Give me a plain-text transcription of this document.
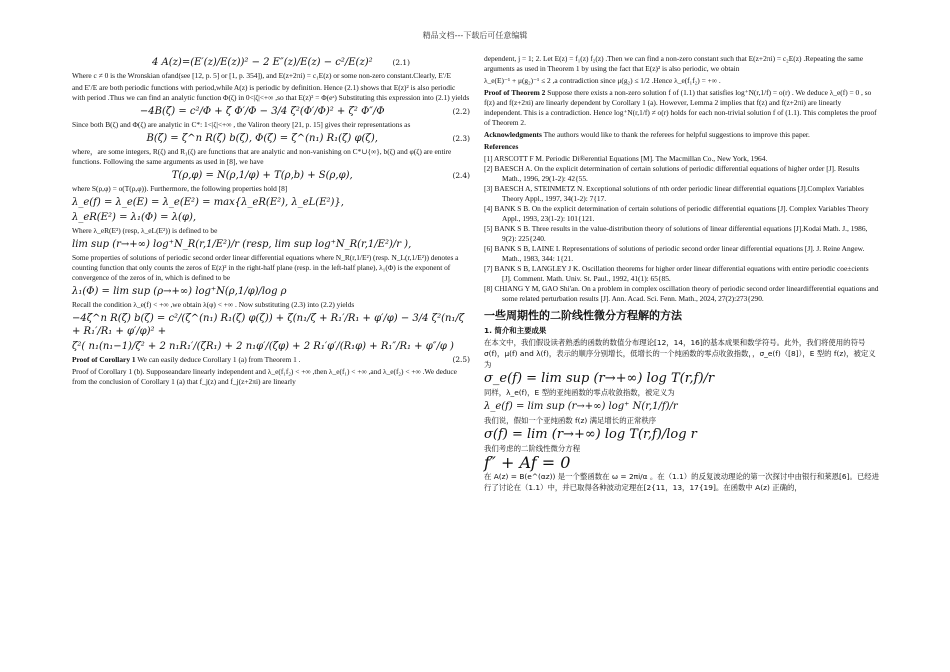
精品文档---下载后可任意编辑
4 A(z)=(E′(z)/E(z))² − 2 E″(z)/E(z) − c²/E(z)²	(2.1)

Where c ≠ 0 is the Wronskian ofand(see [12, p. 5] or [1, p. 354]), and E(z+2πi) = c₁E(z) or some non-zero constant.Clearly, E′/E

and E′/E are both periodic functions with period,while A(z) is periodic by definition. Hence (2.1) shows that E(z)² is also periodic with period .Thus we can find an analytic function Φ(ζ) in 0<|ζ|<+∞ ,so that E(z)² = Φ(eᶻ) Substituting this expression into (2.1) yields

−4B(ζ) = c²/Φ + ζ Φ′/Φ − 3/4 ζ²(Φ′/Φ)² + ζ² Φ″/Φ	(2.2)

Since both B(ζ) and Φ(ζ) are analytic in C*: 1<|ζ|<+∞ , the Valiron theory [21, p. 15] gives their representations as

B(ζ) = ζ^n R(ζ) b(ζ), Φ(ζ) = ζ^(n₁) R₁(ζ) φ(ζ),	(2.3)

where，are some integers, R(ζ) and R₁(ζ) are functions that are analytic and non-vanishing on C*∪{∞}, b(ζ) and φ(ζ) are entire functions. Following the same arguments as used in [8], we have

T(ρ,φ) = N(ρ,1/φ) + T(ρ,b) + S(ρ,φ),	(2.4)

where S(ρ,φ) = o(T(ρ,φ)). Furthermore, the following properties hold [8]

λ_e(f) = λ_e(E) = λ_e(E²) = max{λ_eR(E²), λ_eL(E²)},
λ_eR(E²) = λ₁(Φ) = λ(φ),

Where λ_eR(E²) (resp, λ_eL(E²)) is defined to be

lim sup (r→+∞) log⁺N_R(r,1/E²)/r (resp, lim sup log⁺N_R(r,1/E²)/r ),

Some properties of solutions of periodic second order linear differential equations where N_R(r,1/E²) (resp. N_L(r,1/E²)) denotes a counting function that only counts the zeros of E(z)² in the right-half plane (resp. in the left-half plane), λ₁(Φ) is the exponent of convergence of the zeros of in, which is defined to be

λ₁(Φ) = lim sup (ρ→+∞) log⁺N(ρ,1/φ)/log ρ

Recall the condition λ_e(f) < +∞ ,we obtain λ(φ) < +∞ . Now substituting (2.3) into (2.2) yields

−4ζ^n R(ζ) b(ζ) = c²/(ζ^(n₁) R₁(ζ) φ(ζ)) + ζ(n₁/ζ + R₁′/R₁ + φ′/φ) − 3/4 ζ²(n₁/ζ + R₁′/R₁ + φ′/φ)² +
ζ²( n₁(n₁−1)/ζ² + 2 n₁R₁′/(ζR₁) + 2 n₁φ′/(ζφ) + 2 R₁′φ′/(R₁φ) + R₁″/R₁ + φ″/φ )
(2.5)

Proof of Corollary 1 We can easily deduce Corollary 1 (a) from Theorem 1 .

Proof of Corollary 1 (b). Supposeandare linearly independent and λ_e(f₁f₂) < +∞ ,then λ_e(f₁) < +∞ ,and λ_e(f₂) < +∞ .We deduce from the conclusion of Corollary 1 (a) that f_j(z) and f_j(z+2πi) are linearly

dependent, j = 1; 2. Let E(z) = f₁(z) f₂(z) .Then we can find a non-zero constant such that E(z+2πi) = c₂E(z) .Repeating the same arguments as used in Theorem 1 by using the fact that E(z)² is also periodic, we obtain

λ_e(E)⁻¹ + μ(g₂)⁻¹ ≤ 2 ,a contradiction since μ(g₂) ≤ 1/2 .Hence λ_e(f₁f₂) = +∞ .

Proof of Theorem 2 Suppose there exists a non-zero solution f of (1.1) that satisfies log⁺N(r,1/f) = o(r) . We deduce λ_e(f) = 0 , so f(z) and f(z+2πi) are linearly dependent by Corollary 1 (a). However, Lemma 2 implies that f(z) and f(z+2πi) are linearly independent. This is a contradiction. Hence log⁺N(r,1/f) ≠ o(r) holds for each non-trivial solution f of (1.1). This completes the proof of Theorem 2.

Acknowledgments The authors would like to thank the referees for helpful suggestions to improve this paper.

References

[1] ARSCOTT F M. Periodic Di®erential Equations [M]. The Macmillan Co., New York, 1964.

[2] BAESCH A. On the explicit determination of certain solutions of periodic differential equations of higher order [J]. Results Math., 1996, 29(1-2): 42{55.

[3] BAESCH A, STEINMETZ N. Exceptional solutions of nth order periodic linear differential equations [J].Complex Variables Theory Appl., 1997, 34(1-2): 7{17.

[4] BANK S B. On the explicit determination of certain solutions of periodic differential equations [J]. Complex Variables Theory Appl., 1993, 23(1-2): 101{121.

[5] BANK S B. Three results in the value-distribution theory of solutions of linear differential equations [J].Kodai Math. J., 1986, 9(2): 225{240.

[6] BANK S B, LAINE I. Representations of solutions of periodic second order linear differential equations [J]. J. Reine Angew. Math., 1983, 344: 1{21.

[7] BANK S B, LANGLEY J K. Oscillation theorems for higher order linear differential equations with entire periodic coe±cients [J]. Comment. Math. Univ. St. Paul., 1992, 41(1): 65{85.

[8] CHIANG Y M, GAO Shi'an. On a problem in complex oscillation theory of periodic second order lineardifferential equations and some related perturbation results [J]. Ann. Acad. Sci. Fenn. Math., 2024, 27(2):273{290.

一些周期性的二阶线性微分方程解的方法
1. 简介和主要成果

在本文中，我们假设读者熟悉的函数的数值分布理论[12，14，16]的基本成果和数学符号。此外，我们将使用的符号σ(f)，μ(f) and λ(f)，表示的顺序分别增长，低增长的一个纯函数的零点收敛指数，，σ_e(f)（[8]），E 型的 f(z)，被定义为

σ_e(f) = lim sup (r→+∞) log T(r,f)/r

同样，λ_e(f)，E 型的亚纯函数的零点收敛指数，被定义为

λ_e(f) = lim sup (r→+∞) log⁺ N(r,1/f)/r

我们说，假如一个亚纯函数 f(z) 满足增长的正常秩序

σ(f) = lim (r→+∞) log T(r,f)/log r

我们考虑的二阶线性微分方程

f″ + Af = 0

在 A(z) = B(e^(αz)) 是一个整函数在 ω = 2πi/α 。在（1.1）的反复波动理论的第一次探讨中由银行和莱恩[6]。已经进行了讨论在（1.1）中，并已取得各种波动定理在[2{11，13，17{19]。在函数中 A(z) 正确的，
